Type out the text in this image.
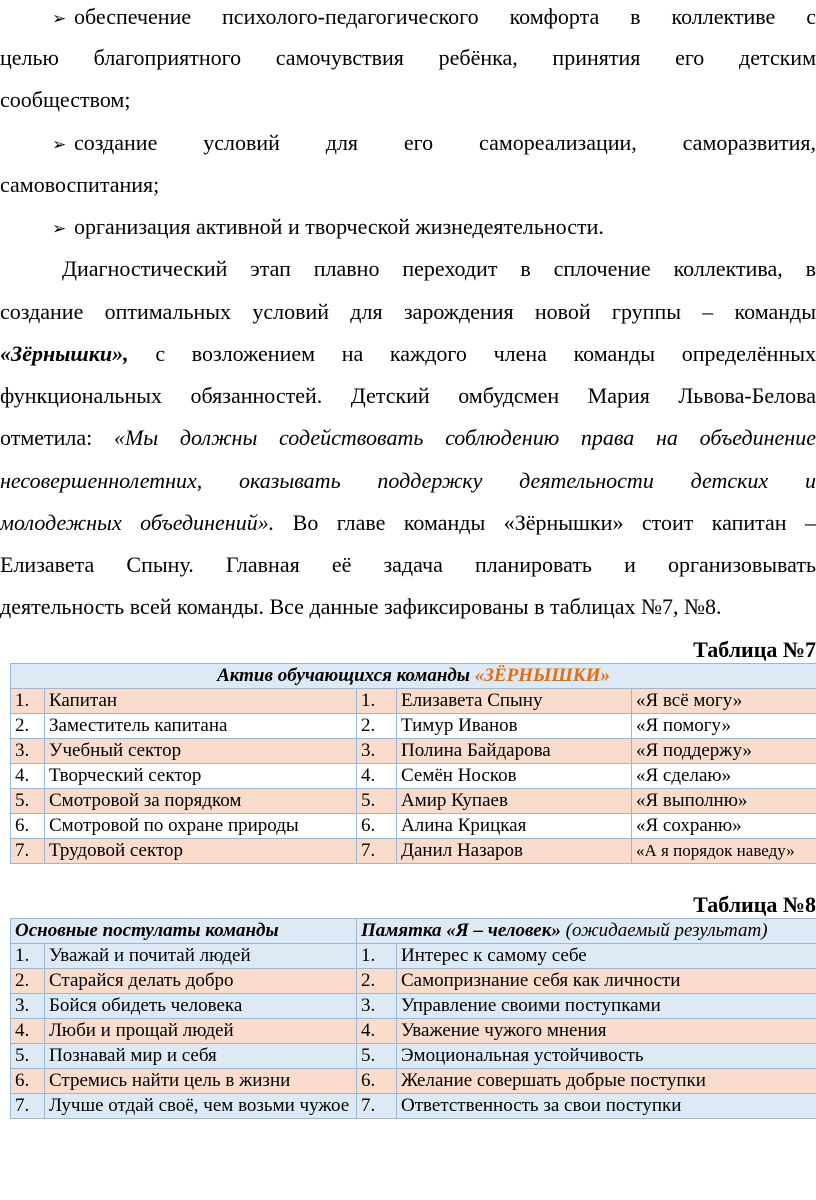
➢ обеспечение психолого-педагогического комфорта в коллективе с
целью благоприятного самочувствия ребёнка, принятия его детским
сообществом;
➢ создание условий для его самореализации, саморазвития,
самовоспитания;
➢ организация активной и творческой жизнедеятельности.
Диагностический этап плавно переходит в сплочение коллектива, в
создание оптимальных условий для зарождения новой группы – команды
«Зёрнышки», с возложением на каждого члена команды определённых
функциональных обязанностей. Детский омбудсмен Мария Львова-Белова
отметила: «Мы должны содействовать соблюдению права на объединение
несовершеннолетних, оказывать поддержку деятельности детских и
молодежных объединений». Во главе команды «Зёрнышки» стоит капитан –
Елизавета Спыну. Главная её задача планировать и организовывать
деятельность всей команды. Все данные зафиксированы в таблицах №7, №8.
Таблица №7
Актив обучающихся команды «ЗЁРНЫШКИ»				
1.	Капитан	1.	Елизавета Спыну	«Я всё могу»
2.	Заместитель капитана	2.	Тимур Иванов	«Я помогу»
3.	Учебный сектор	3.	Полина Байдарова	«Я поддержу»
4.	Творческий сектор	4.	Семён Носков	«Я сделаю»
5.	Смотровой за порядком	5.	Амир Купаев	«Я выполню»
6.	Смотровой по охране природы	6.	Алина Крицкая	«Я сохраню»
7.	Трудовой сектор	7.	Данил Назаров	«А я порядок наведу»
Таблица №8
Основные постулаты команды		Памятка «Я – человек» (ожидаемый результат)	
1.	Уважай и почитай людей	1.	Интерес к самому себе
2.	Старайся делать добро	2.	Самопризнание себя как личности
3.	Бойся обидеть человека	3.	Управление своими поступками
4.	Люби и прощай людей	4.	Уважение чужого мнения
5.	Познавай мир и себя	5.	Эмоциональная устойчивость
6.	Стремись найти цель в жизни	6.	Желание совершать добрые поступки
7.	Лучше отдай своё, чем возьми чужое	7.	Ответственность за свои поступки
